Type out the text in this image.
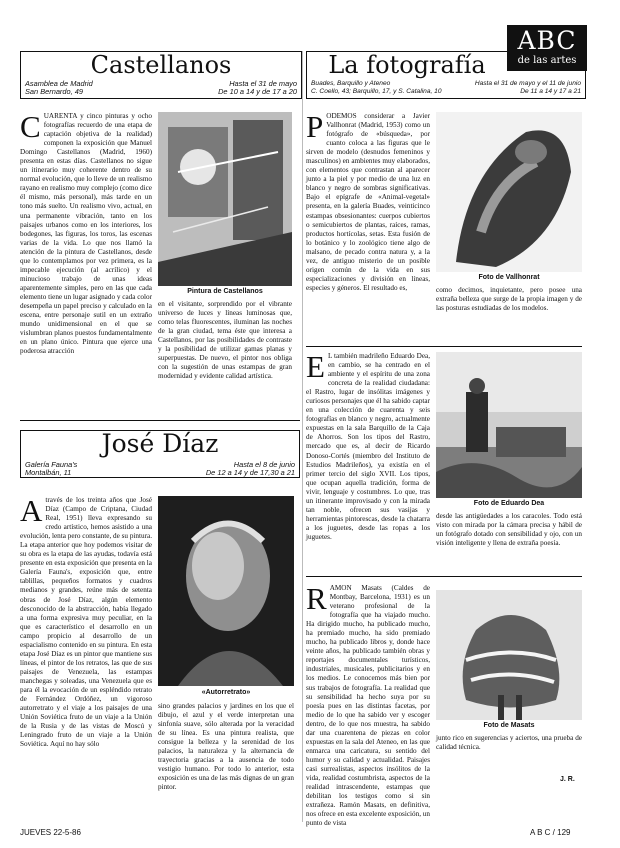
Castellanos
Asamblea de Madrid
San Bernardo, 49
Hasta el 31 de mayo
De 10 a 14 y de 17 a 20
La fotografía
Buades, Barquillo y Ateneo
C. Coello, 43; Barquillo, 17, y S. Catalina, 10
Hasta el 31 de mayo y el 11 de junio
De 11 a 14 y 17 a 21
ABC
de las artes
C UARENTA y cinco pinturas y ocho fotografías recuerdo de una etapa de captación objetiva de la realidad) componen la exposición que Manuel Domingo Castellanos (Madrid, 1960) presenta en estas días. Castellanos no sigue un itinerario muy coherente dentro de su normal evolución, que lo lleve de un realismo rayano en realismo muy complejo (como dice él mismo, más personal), más tarde en un tono más suelto. Un realismo vivo, actual, en una permanente vibración, tanto en los paisajes urbanos como en los interiores, los bodegones, las figuras, los toros, las escenas varias de la vida. Lo que nos llamó la atención de la pintura de Castellanos, desde que lo contemplamos por vez primera, es la impecable ejecución (al acrílico) y el minucioso trabajo de unas ideas aparentemente simples, pero en las que cada elemento tiene un lugar asignado y cada color desempeña un papel preciso y calculado en la escena, entre personaje sutil en un extraño mundo unidimensional en el que se vislumbran planos puestos fundamentalmente en un plano único. Pintura que ejerce una poderosa atracción

Pintura de Castellanos

en el visitante, sorprendido por el vibrante universo de luces y líneas luminosas que, como telas fluorescentes, iluminan las noches de la gran ciudad, tema éste que interesa a Castellanos, por las posibilidades de contraste y la posibilidad de utilizar gamas planas y superpuestas. De nuevo, el pintor nos obliga con la sugestión de unas estampas de gran modernidad y evidente calidad artística.

José Díaz
Galería Fauna's
Montalbán, 11
Hasta el 8 de junio
De 12 a 14 y de 17,30 a 21
A través de los treinta años que José Díaz (Campo de Criptana, Ciudad Real, 1951) lleva expresando su credo artístico, hemos asistido a una evolución, lenta pero constante, de su pintura. La etapa anterior que hoy podemos visitar de su obra es la etapa de las ayudas, todavía está presente en esta exposición que presenta en la Galería Fauna's, exposición que, entre tablillas, pequeños formatos y cuadros medianos y grandes, reúne más de setenta obras de José Díaz, algún elemento desconocido de la abstracción, había llegado a una forma expresiva muy peculiar, en la que es característico el desarrollo en un campo propicio al desarrollo de un espacialismo contenido en su pintura. En esta etapa José Díaz es un pintor que mantiene sus líneas, el pintor de los retratos, las que de sus paisajes de Venezuela, las estampas manchegas y soleadas, una Venezuela que es para él la evocación de un espléndido retrato de Fernández Ordóñez, un vigoroso autorretrato y el viaje a los paisajes de una Unión Soviética fruto de un viaje a la Unión de la Rusia y de las vistas de Moscú y Leningrado fruto de un viaje a la Unión Soviética. Aquí no hay sólo

«Autorretrato»

sino grandes palacios y jardines en los que el dibujo, el azul y el verde interpretan una sinfonía suave, sólo alterada por la veracidad de su línea. Es una pintura realista, que consigue la belleza y la serenidad de los palacios, la naturaleza y la alternancia de trayectoria gracias a la ausencia de todo vestigio humano. Por todo lo anterior, esta exposición es una de las más dignas de un gran pintor.

P ODEMOS considerar a Javier Vallhonrat (Madrid, 1953) como un fotógrafo de «búsqueda», por cuanto coloca a las figuras que le sirven de modelo (desnudos femeninos y masculinos) en ambientes muy elaborados, con elementos que contrastan al aparecer junto a la piel y por medio de una luz en blanco y negro de sombras significativas. Bajo el epígrafe de «Animal-vegetal» presenta, en la galería Buades, veinticinco estampas obsesionantes: cuerpos cubiertos o semicubiertos de plantas, raíces, ramas, productos hortícolas, setas. Esta fusión de lo botánico y lo zoológico tiene algo de malsano, de pecado contra natura y, a la vez, de antiguo misterio de un posible origen común de la vida en sus especializaciones y división en líneas, especies y géneros. El resultado es,

Foto de Vallhonrat

como decimos, inquietante, pero posee una extraña belleza que surge de la propia imagen y de las posturas estudiadas de los modelos.

E L también madrileño Eduardo Dea, en cambio, se ha centrado en el ambiente y el espíritu de una zona concreta de la realidad ciudadana: el Rastro, lugar de insólitas imágenes y curiosos personajes que él ha sabido captar en una colección de cuarenta y seis fotografías en blanco y negro, actualmente expuestas en la sala Barquillo de la Caja de Ahorros. Son los tipos del Rastro, mercado que es, al decir de Ricardo Donoso-Cortés (miembro del Instituto de Estudios Madrileños), ya existía en el primer tercio del siglo XVII. Los tipos, que ocupan aquella tradición, forma de vivir, lenguaje y costumbres. Lo que, tras un itinerante improvisado y con la mirada tan noble, ofrecen sus vasijas y herramientas pintorescas, desde la chatarra a los juguetes, desde las ropas a los juguetes.

Foto de Eduardo Dea

desde las antigüedades a los caracoles. Todo está visto con mirada por la cámara precisa y hábil de un fotógrafo dotado con sensibilidad y ojo, con un visión inteligente y llena de extraña poesía.

R AMON Masats (Caldes de Montbay, Barcelona, 1931) es un veterano profesional de la fotografía que ha viajado mucho. Ha dirigido mucho, ha publicado mucho, ha premiado mucho, ha sido premiado mucho, ha publicado libros y, donde hace veinte años, ha publicado también obras y reportajes documentales turísticos, industriales, musicales, publicitarios y en los medios. Le conocemos más bien por sus trabajos de fotografía. La realidad que su sensibilidad ha hecho suya por su poesía pues en las distintas facetas, por medio de lo que ha sabido ver y escoger dentro, de lo que nos muestra, ha sabido dar una cuarentena de piezas en color expuestas en la sala del Ateneo, en las que enmarca una caricatura, su sentido del humor y su calidad y actualidad. Paisajes casi surrealistas, aspectos insólitos de la vida, realidad costumbrista, aspectos de la realidad intrascendente, estampas que debilitan los testigos como si sin extrañeza. Ramón Masats, en definitiva, nos ofrece en esta excelente exposición, un punto de vista

Foto de Masats

junto rico en sugerencias y aciertos, una prueba de calidad técnica.

J. R.
JUEVES 22-5-86	A B C / 129
